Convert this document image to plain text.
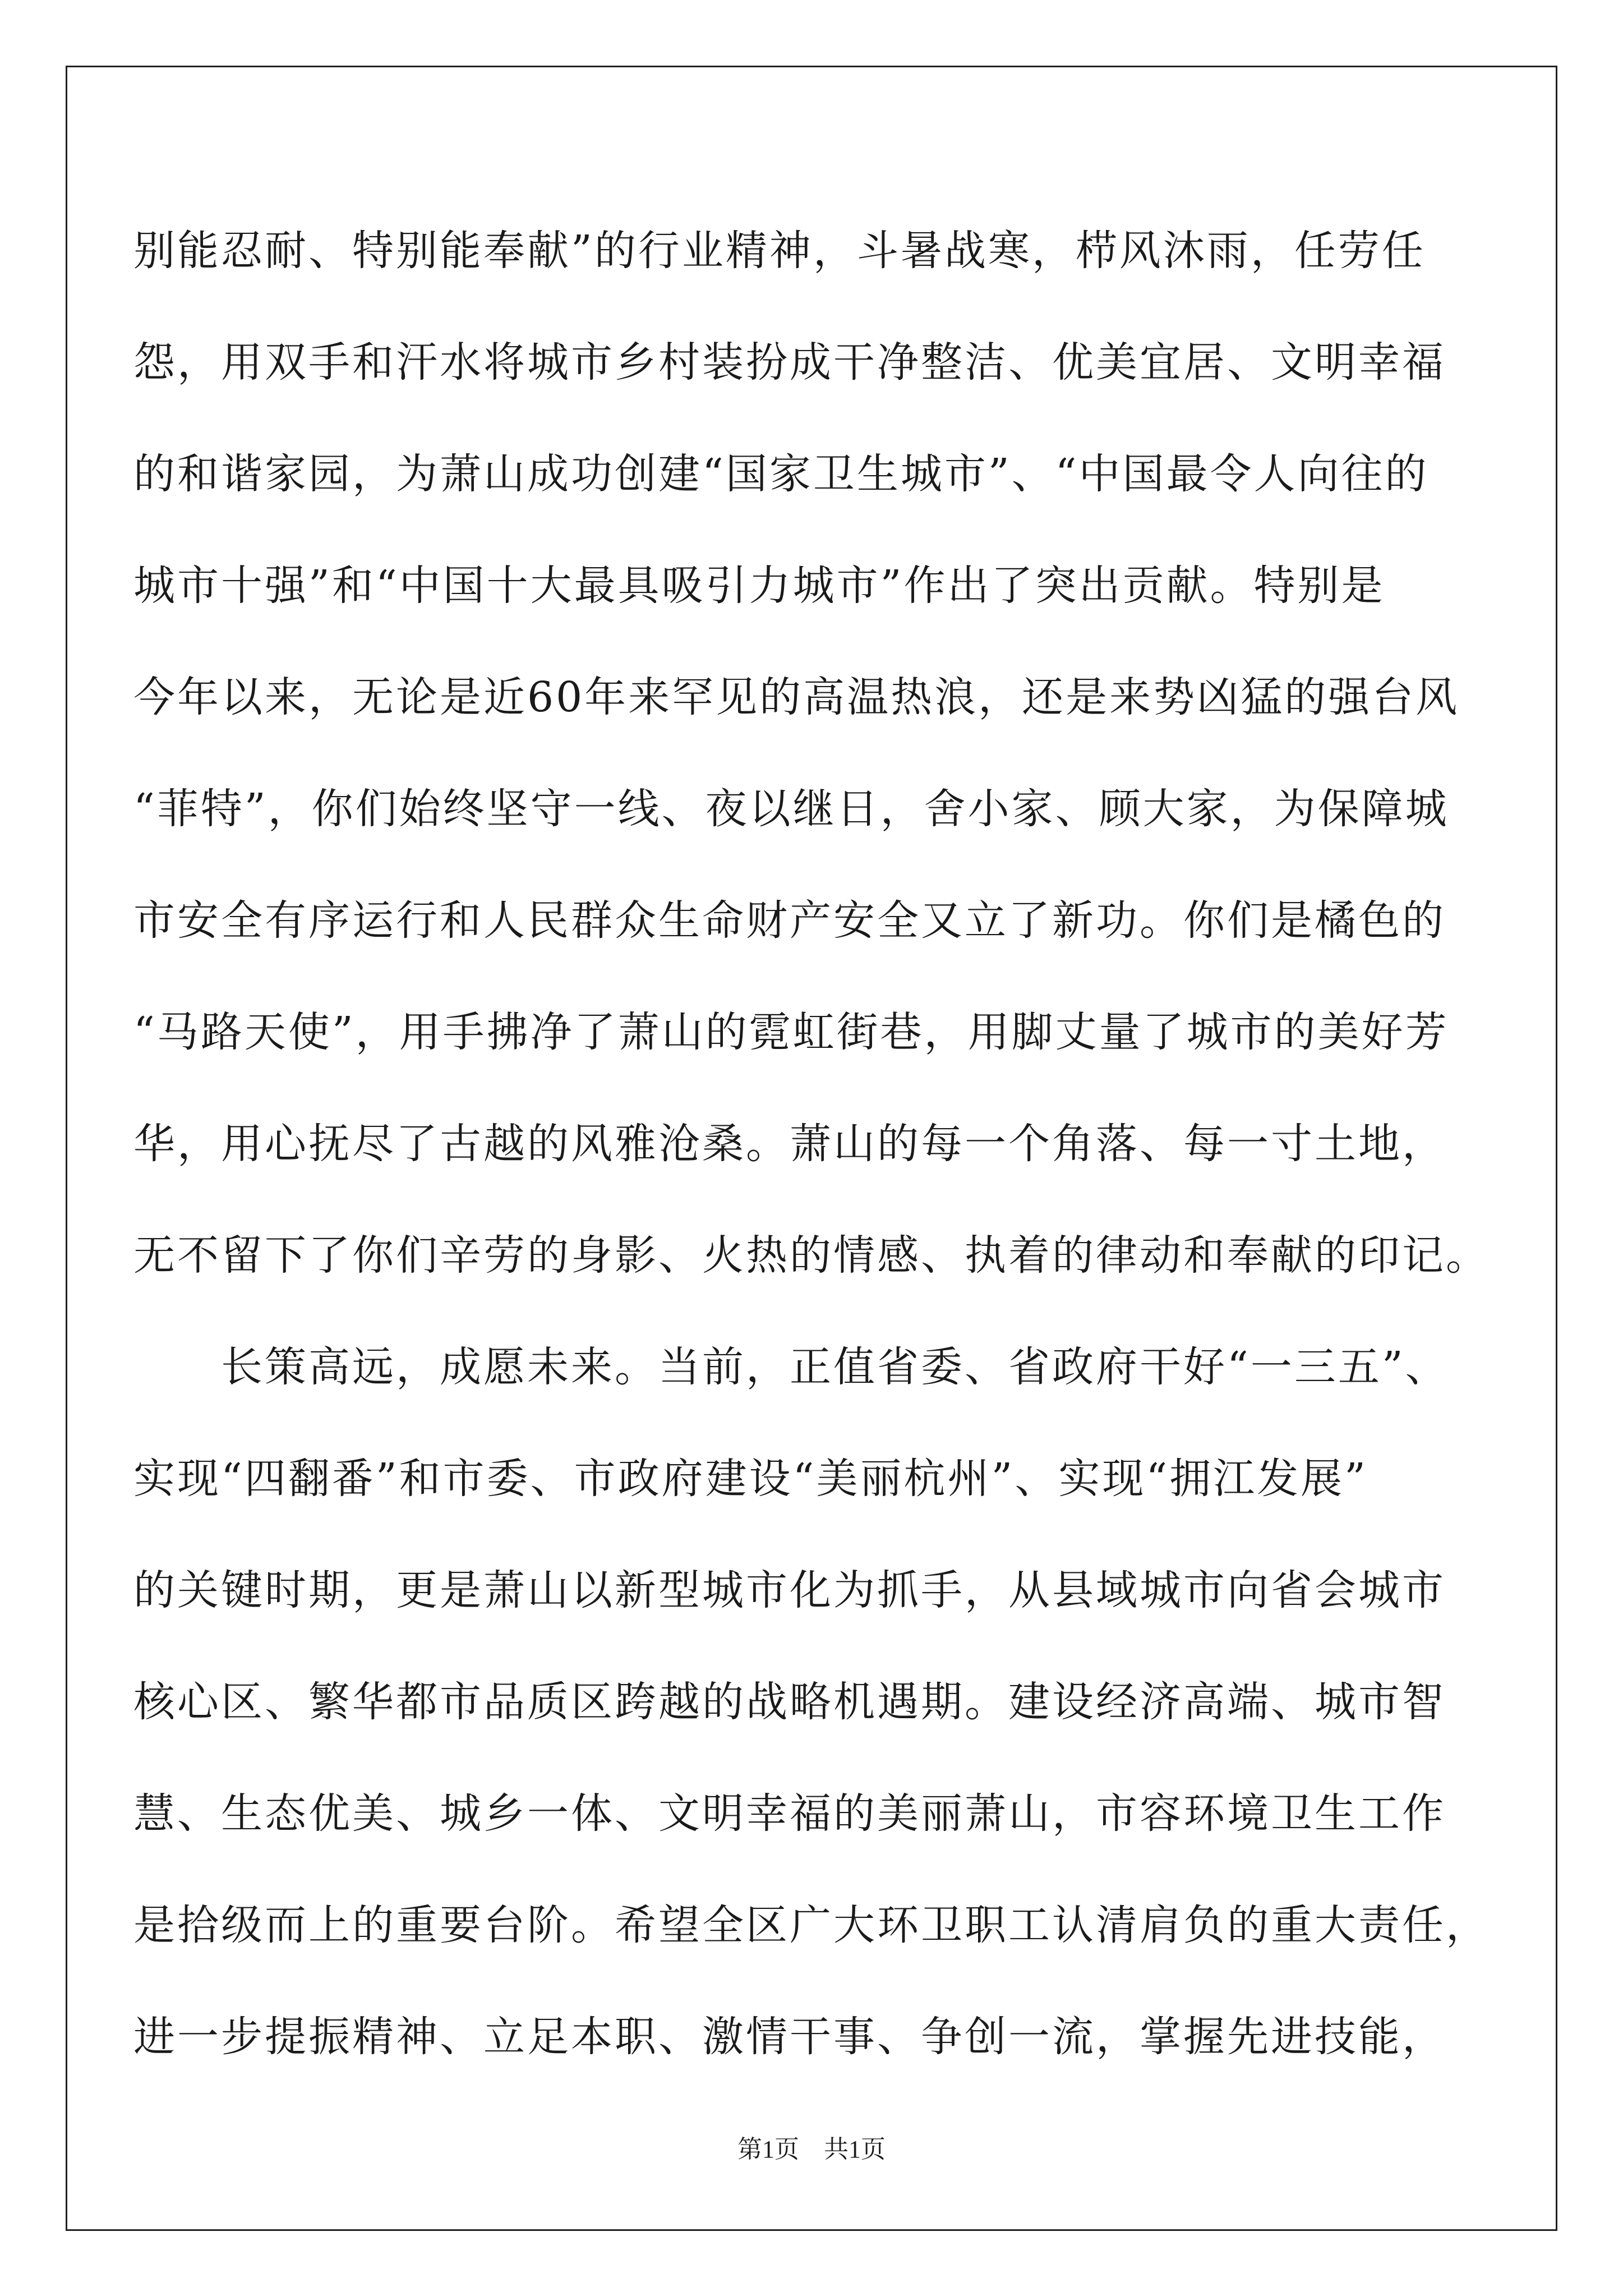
别能忍耐、特别能奉献”的行业精神，斗暑战寒，栉风沐雨，任劳任
怨，用双手和汗水将城市乡村装扮成干净整洁、优美宜居、文明幸福
的和谐家园，为萧山成功创建“国家卫生城市”、“中国最令人向往的
城市十强”和“中国十大最具吸引力城市”作出了突出贡献。特别是
今年以来，无论是近60年来罕见的高温热浪，还是来势凶猛的强台风
“菲特”，你们始终坚守一线、夜以继日，舍小家、顾大家，为保障城
市安全有序运行和人民群众生命财产安全又立了新功。你们是橘色的
“马路天使”，用手拂净了萧山的霓虹街巷，用脚丈量了城市的美好芳
华，用心抚尽了古越的风雅沧桑。萧山的每一个角落、每一寸土地，
无不留下了你们辛劳的身影、火热的情感、执着的律动和奉献的印记。
　　长策高远，成愿未来。当前，正值省委、省政府干好“一三五”、
实现“四翻番”和市委、市政府建设“美丽杭州”、实现“拥江发展”
的关键时期，更是萧山以新型城市化为抓手，从县域城市向省会城市
核心区、繁华都市品质区跨越的战略机遇期。建设经济高端、城市智
慧、生态优美、城乡一体、文明幸福的美丽萧山，市容环境卫生工作
是拾级而上的重要台阶。希望全区广大环卫职工认清肩负的重大责任，
进一步提振精神、立足本职、激情干事、争创一流，掌握先进技能，
第1页　共1页
